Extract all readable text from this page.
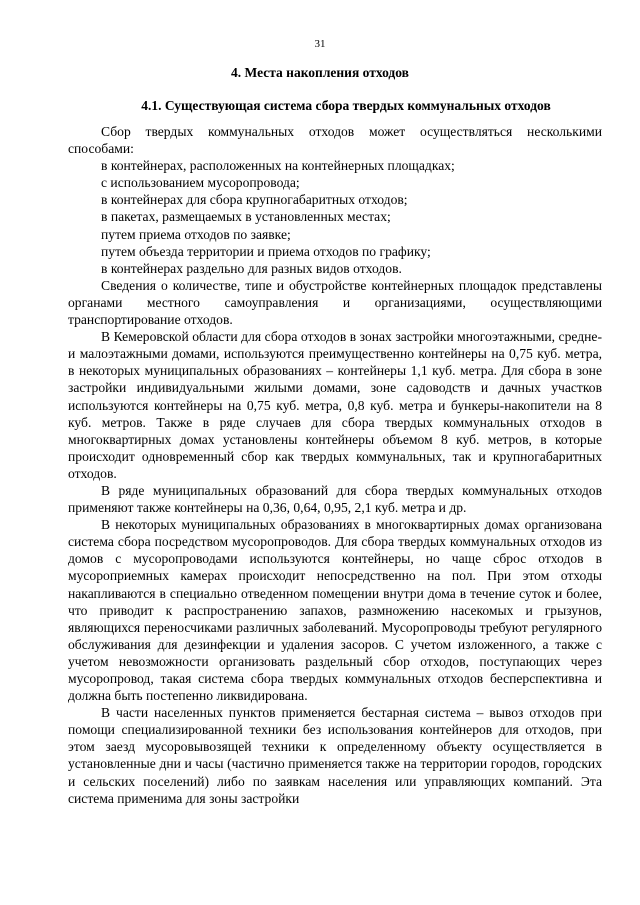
31
4. Места накопления отходов
4.1. Существующая система сбора твердых коммунальных отходов

Сбор твердых коммунальных отходов может осуществляться несколькими способами:

в контейнерах, расположенных на контейнерных площадках;

с использованием мусоропровода;

в контейнерах для сбора крупногабаритных отходов;

в пакетах, размещаемых в установленных местах;

путем приема отходов по заявке;

путем объезда территории и приема отходов по графику;

в контейнерах раздельно для разных видов отходов.

Сведения о количестве, типе и обустройстве контейнерных площадок представлены органами местного самоуправления и организациями, осуществляющими транспортирование отходов.

В Кемеровской области для сбора отходов в зонах застройки многоэтажными, средне- и малоэтажными домами, используются преимущественно контейнеры на 0,75 куб. метра, в некоторых муниципальных образованиях – контейнеры 1,1 куб. метра. Для сбора в зоне застройки индивидуальными жилыми домами, зоне садоводств и дачных участков используются контейнеры на 0,75 куб. метра, 0,8 куб. метра и бункеры-накопители на 8 куб. метров. Также в ряде случаев для сбора твердых коммунальных отходов в многоквартирных домах установлены контейнеры объемом 8 куб. метров, в которые происходит одновременный сбор как твердых коммунальных, так и крупногабаритных отходов.

В ряде муниципальных образований для сбора твердых коммунальных отходов применяют также контейнеры на 0,36, 0,64, 0,95, 2,1 куб. метра и др.

В некоторых муниципальных образованиях в многоквартирных домах организована система сбора посредством мусоропроводов. Для сбора твердых коммунальных отходов из домов с мусоропроводами используются контейнеры, но чаще сброс отходов в мусороприемных камерах происходит непосредственно на пол. При этом отходы накапливаются в специально отведенном помещении внутри дома в течение суток и более, что приводит к распространению запахов, размножению насекомых и грызунов, являющихся переносчиками различных заболеваний. Мусоропроводы требуют регулярного обслуживания для дезинфекции и удаления засоров. С учетом изложенного, а также с учетом невозможности организовать раздельный сбор отходов, поступающих через мусоропровод, такая система сбора твердых коммунальных отходов бесперспективна и должна быть постепенно ликвидирована.

В части населенных пунктов применяется бестарная система – вывоз отходов при помощи специализированной техники без использования контейнеров для отходов, при этом заезд мусоровывозящей техники к определенному объекту осуществляется в установленные дни и часы (частично применяется также на территории городов, городских и сельских поселений) либо по заявкам населения или управляющих компаний. Эта система применима для зоны застройки
